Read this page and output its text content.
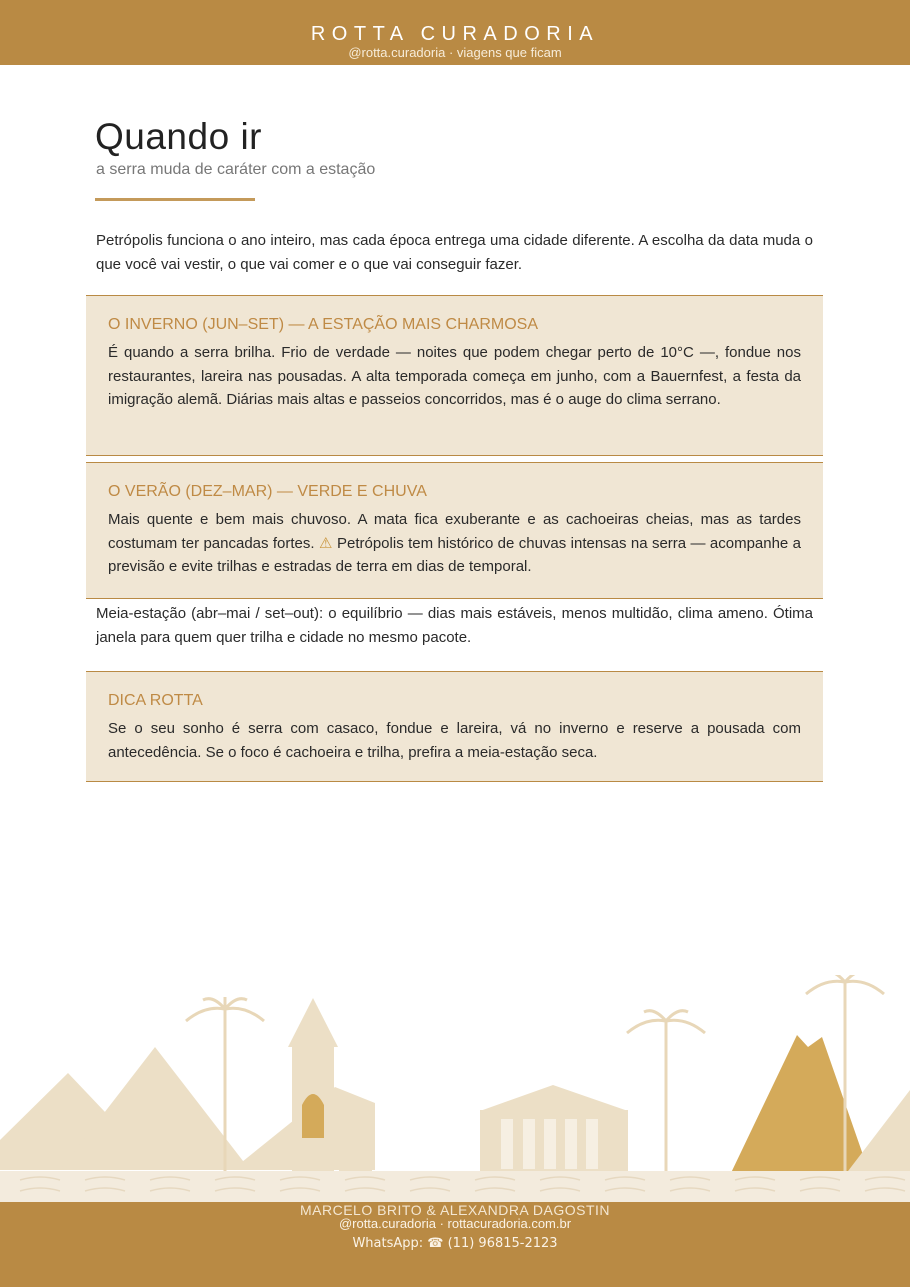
ROTTA CURADORIA
@rotta.curadoria · viagens que ficam
Quando ir
a serra muda de caráter com a estação

Petrópolis funciona o ano inteiro, mas cada época entrega uma cidade diferente. A escolha da data muda o que você vai vestir, o que vai comer e o que vai conseguir fazer.

O INVERNO (JUN–SET) — A ESTAÇÃO MAIS CHARMOSA

É quando a serra brilha. Frio de verdade — noites que podem chegar perto de 10°C —, fondue nos restaurantes, lareira nas pousadas. A alta temporada começa em junho, com a Bauernfest, a festa da imigração alemã. Diárias mais altas e passeios concorridos, mas é o auge do clima serrano.

O VERÃO (DEZ–MAR) — VERDE E CHUVA

Mais quente e bem mais chuvoso. A mata fica exuberante e as cachoeiras cheias, mas as tardes costumam ter pancadas fortes. ⚠ Petrópolis tem histórico de chuvas intensas na serra — acompanhe a previsão e evite trilhas e estradas de terra em dias de temporal.

Meia-estação (abr–mai / set–out): o equilíbrio — dias mais estáveis, menos multidão, clima ameno. Ótima janela para quem quer trilha e cidade no mesmo pacote.

DICA ROTTA

Se o seu sonho é serra com casaco, fondue e lareira, vá no inverno e reserve a pousada com antecedência. Se o foco é cachoeira e trilha, prefira a meia-estação seca.

MARCELO BRITO & ALEXANDRA DAGOSTIN
@rotta.curadoria · rottacuradoria.com.br
WhatsApp: ☎ (11) 96815-2123
